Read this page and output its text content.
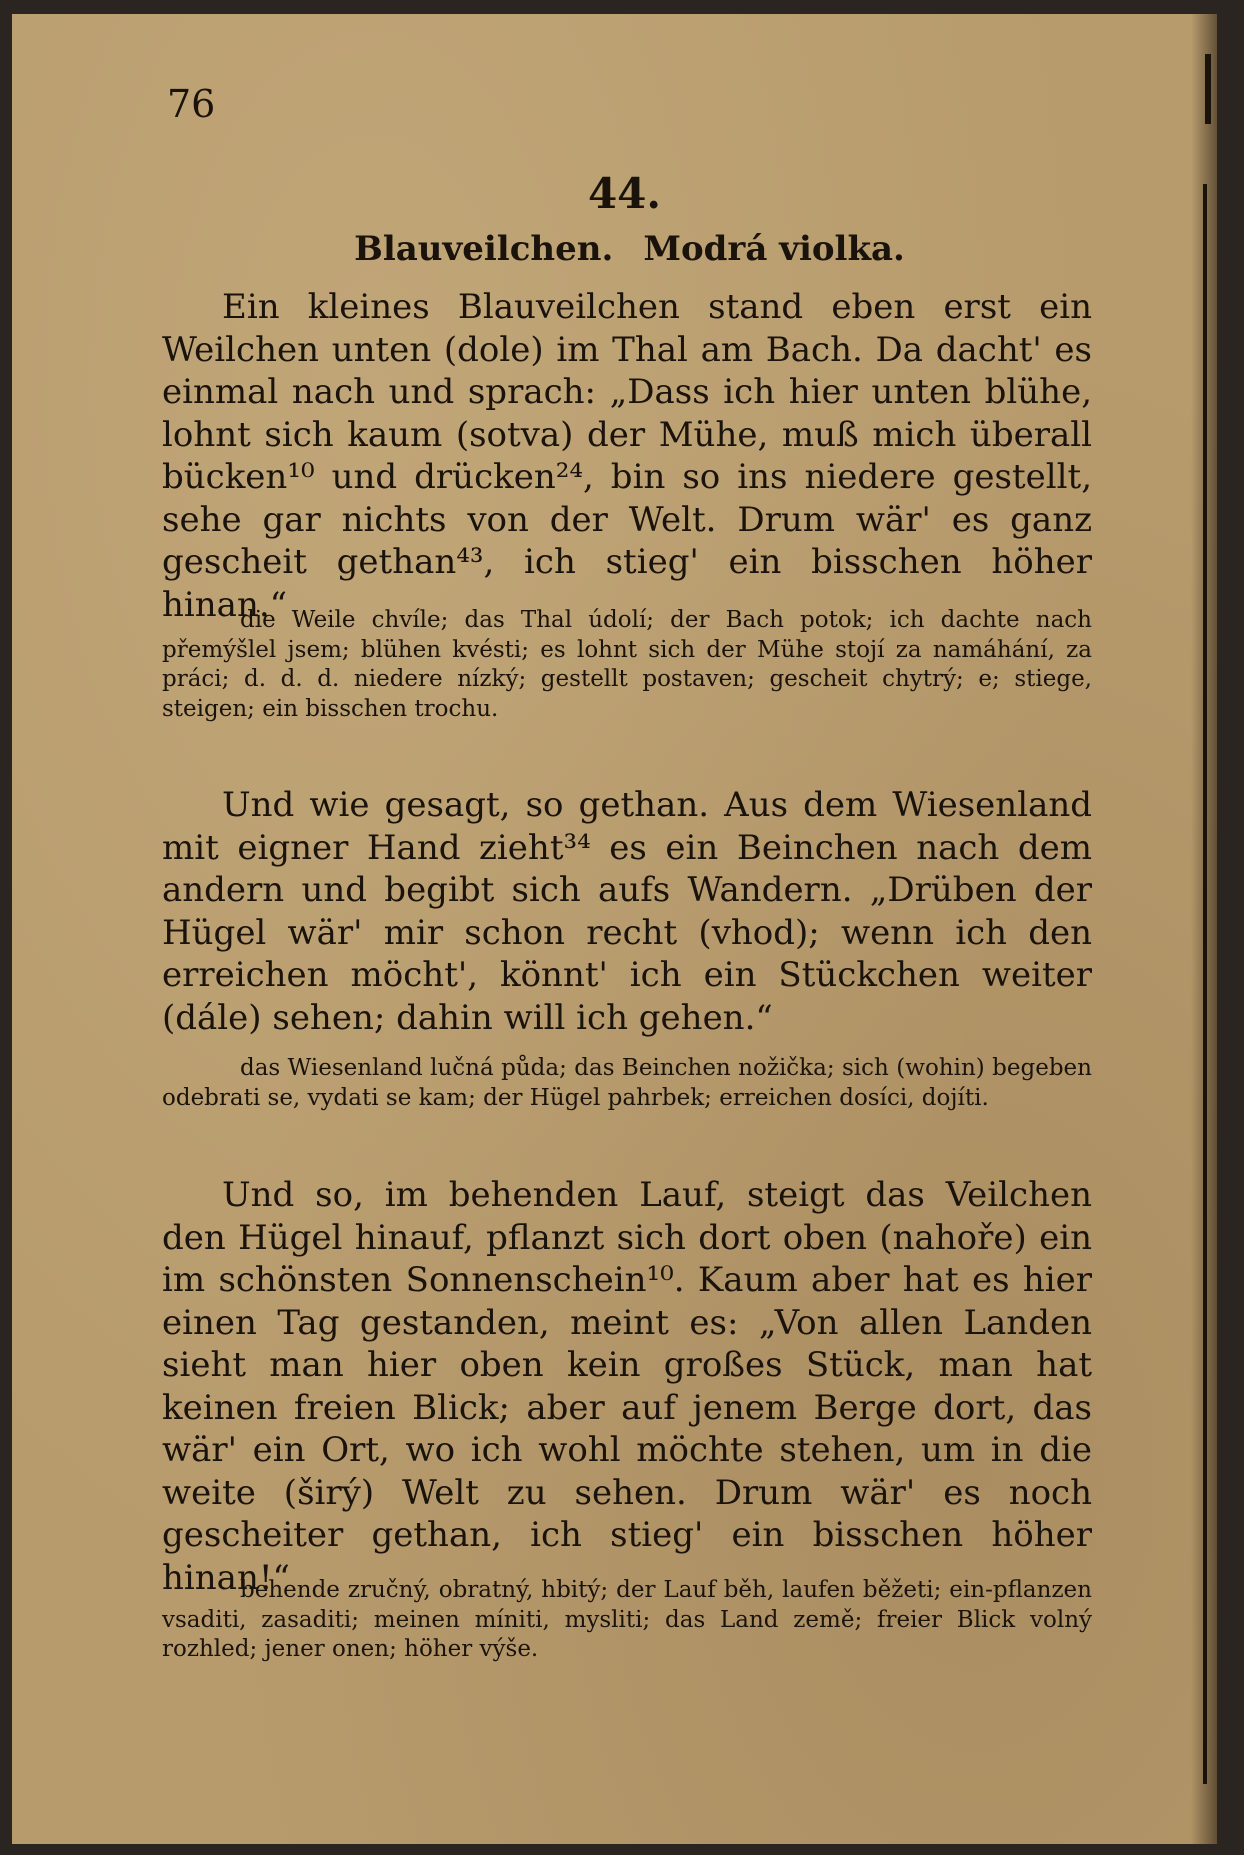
76
44.
Blauveilchen. Modrá violka.

Ein kleines Blauveilchen stand eben erst ein Weilchen unten (dole) im Thal am Bach. Da dacht' es einmal nach und sprach: „Dass ich hier unten blühe, lohnt sich kaum (sotva) der Mühe, muß mich überall bücken¹⁰ und drücken²⁴, bin so ins niedere gestellt, sehe gar nichts von der Welt. Drum wär' es ganz gescheit gethan⁴³, ich stieg' ein bisschen höher hinan.“

die Weile chvíle; das Thal údolí; der Bach potok; ich dachte nach přemýšlel jsem; blühen kvésti; es lohnt sich der Mühe stojí za namáhání, za práci; d. d. d. niedere nízký; gestellt postaven; gescheit chytrý; e; stiege, steigen; ein bisschen trochu.

Und wie gesagt, so gethan. Aus dem Wiesenland mit eigner Hand zieht³⁴ es ein Beinchen nach dem andern und begibt sich aufs Wandern. „Drüben der Hügel wär' mir schon recht (vhod); wenn ich den erreichen möcht', könnt' ich ein Stückchen weiter (dále) sehen; dahin will ich gehen.“

das Wiesenland lučná půda; das Beinchen nožička; sich (wohin) begeben odebrati se, vydati se kam; der Hügel pahrbek; erreichen dosíci, dojíti.

Und so, im behenden Lauf, steigt das Veilchen den Hügel hinauf, pflanzt sich dort oben (nahoře) ein im schönsten Sonnenschein¹⁰. Kaum aber hat es hier einen Tag gestanden, meint es: „Von allen Landen sieht man hier oben kein großes Stück, man hat keinen freien Blick; aber auf jenem Berge dort, das wär' ein Ort, wo ich wohl möchte stehen, um in die weite (širý) Welt zu sehen. Drum wär' es noch gescheiter gethan, ich stieg' ein bisschen höher hinan!“

behende zručný, obratný, hbitý; der Lauf běh, laufen běžeti; ein-pflanzen vsaditi, zasaditi; meinen míniti, mysliti; das Land země; freier Blick volný rozhled; jener onen; höher výše.
